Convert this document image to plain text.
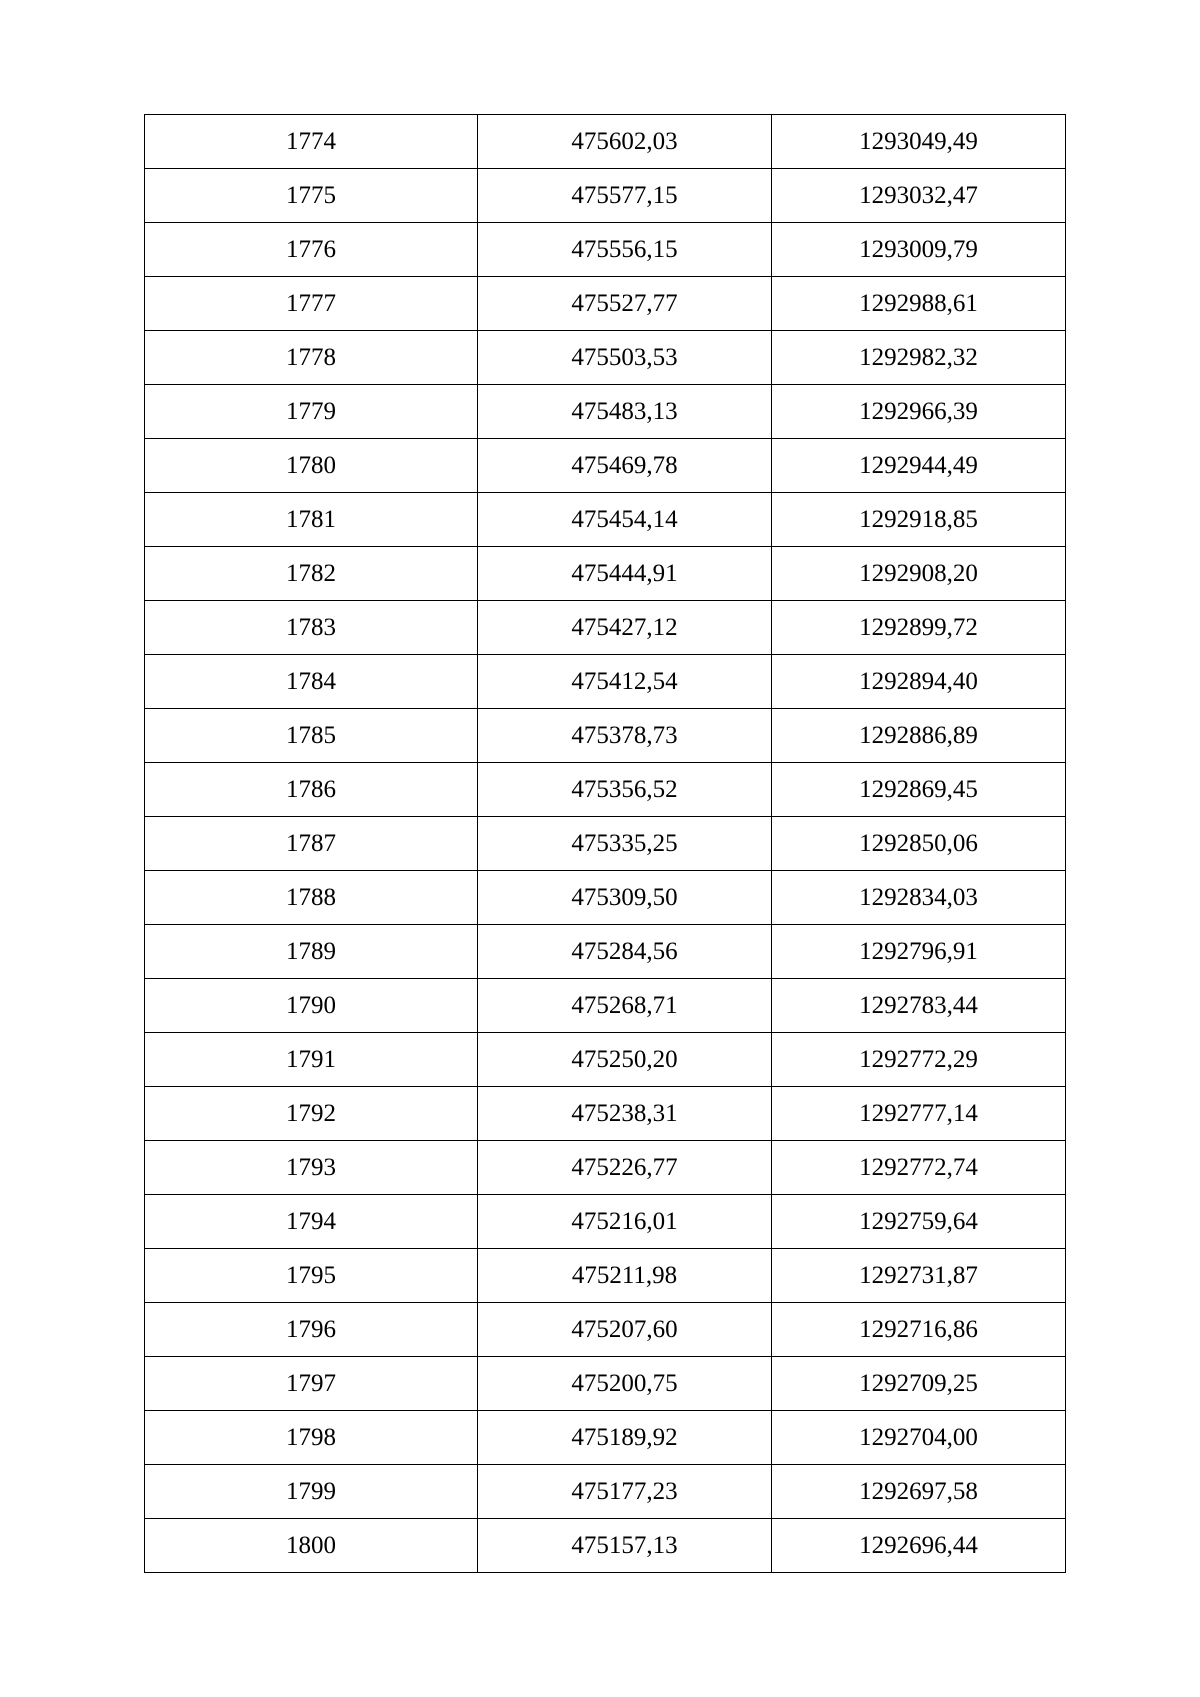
1774	475602,03	1293049,49
1775	475577,15	1293032,47
1776	475556,15	1293009,79
1777	475527,77	1292988,61
1778	475503,53	1292982,32
1779	475483,13	1292966,39
1780	475469,78	1292944,49
1781	475454,14	1292918,85
1782	475444,91	1292908,20
1783	475427,12	1292899,72
1784	475412,54	1292894,40
1785	475378,73	1292886,89
1786	475356,52	1292869,45
1787	475335,25	1292850,06
1788	475309,50	1292834,03
1789	475284,56	1292796,91
1790	475268,71	1292783,44
1791	475250,20	1292772,29
1792	475238,31	1292777,14
1793	475226,77	1292772,74
1794	475216,01	1292759,64
1795	475211,98	1292731,87
1796	475207,60	1292716,86
1797	475200,75	1292709,25
1798	475189,92	1292704,00
1799	475177,23	1292697,58
1800	475157,13	1292696,44
